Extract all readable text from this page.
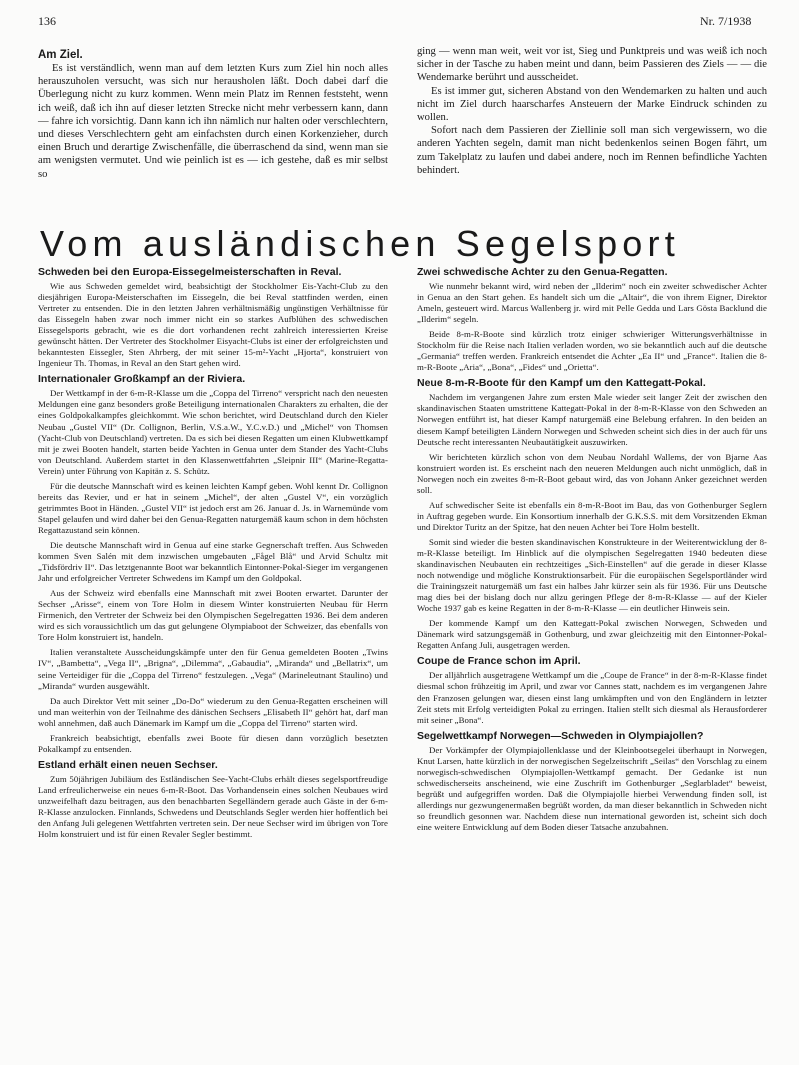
136	Nr. 7/1938
Am Ziel.

Es ist verständlich, wenn man auf dem letzten Kurs zum Ziel hin noch alles herauszuholen versucht, was sich nur herausholen läßt. Doch dabei darf die Überlegung nicht zu kurz kommen. Wenn mein Platz im Rennen feststeht, wenn ich weiß, daß ich ihn auf dieser letzten Strecke nicht mehr verbessern kann, dann — fahre ich vorsichtig. Dann kann ich ihn nämlich nur halten oder verschlechtern, und dieses Verschlechtern geht am einfachsten durch einen Korkenzieher, durch einen Bruch und derartige Zwischenfälle, die überraschend da sind, wenn man sie am wenigsten vermutet. Und wie peinlich ist es — ich gestehe, daß es mir selbst so

ging — wenn man weit, weit vor ist, Sieg und Punktpreis und was weiß ich noch sicher in der Tasche zu haben meint und dann, beim Passieren des Ziels — — die Wendemarke berührt und ausscheidet.

Es ist immer gut, sicheren Abstand von den Wendemarken zu halten und auch nicht im Ziel durch haarscharfes Ansteuern der Marke Eindruck schinden zu wollen.

Sofort nach dem Passieren der Ziellinie soll man sich vergewissern, wo die anderen Yachten segeln, damit man nicht bedenkenlos seinen Bogen fährt, um zum Takelplatz zu laufen und dabei andere, noch im Rennen befindliche Yachten behindert.

Vom ausländischen Segelsport
Schweden bei den Europa-Eissegelmeisterschaften in Reval.

Wie aus Schweden gemeldet wird, beabsichtigt der Stockholmer Eis-Yacht-Club zu den diesjährigen Europa-Meisterschaften im Eissegeln, die bei Reval stattfinden werden, einen Vertreter zu entsenden. Die in den letzten Jahren verhältnismäßig ungünstigen Verhältnisse für das Eissegeln haben zwar noch immer nicht ein so starkes Aufblühen des schwedischen Eissegelsports gebracht, wie es die dort vorhandenen recht zahlreich interessierten Kreise gewünscht hätten. Der Vertreter des Stockholmer Eisyacht-Clubs ist einer der erfolgreichsten und bekanntesten Eissegler, Sten Ahrberg, der mit seiner 15-m²-Yacht „Hjorta“, konstruiert von Ingenieur Th. Thomas, in Reval an den Start gehen wird.

Internationaler Großkampf an der Riviera.

Der Wettkampf in der 6-m-R-Klasse um die „Coppa del Tirreno“ verspricht nach den neuesten Meldungen eine ganz besonders große Beteiligung internationalen Charakters zu erhalten, die der eines Goldpokalkampfes gleichkommt. Wie schon berichtet, wird Deutschland durch den Kieler Neubau „Gustel VII“ (Dr. Collignon, Berlin, V.S.a.W., Y.C.v.D.) und „Michel“ von Thomsen (Yacht-Club von Deutschland) vertreten. Da es sich bei diesen Regatten um einen Klubwettkampf mit je zwei Booten handelt, starten beide Yachten in Genua unter dem Stander des Yacht-Clubs von Deutschland. Außerdem startet in den Klassenwettfahrten „Sleipnir III“ (Marine-Regatta-Verein) unter Führung von Kapitän z. S. Schütz.

Für die deutsche Mannschaft wird es keinen leichten Kampf geben. Wohl kennt Dr. Collignon bereits das Revier, und er hat in seinem „Michel“, der alten „Gustel V“, ein vorzüglich getrimmtes Boot in Händen. „Gustel VII“ ist jedoch erst am 26. Januar d. Js. in Warnemünde vom Stapel gelaufen und wird daher bei den Genua-Regatten naturgemäß kaum schon in dem höchsten Regattazustand sein können.

Die deutsche Mannschaft wird in Genua auf eine starke Gegnerschaft treffen. Aus Schweden kommen Sven Salén mit dem inzwischen umgebauten „Fågel Blå“ und Arvid Schultz mit „Tidsfördriv II“. Das letztgenannte Boot war bekanntlich Eintonner-Pokal-Sieger im vergangenen Jahr und erfolgreicher Vertreter Schwedens im Kampf um den Goldpokal.

Aus der Schweiz wird ebenfalls eine Mannschaft mit zwei Booten erwartet. Darunter der Sechser „Arisse“, einem von Tore Holm in diesem Winter konstruierten Neubau für Herrn Firmenich, den Vertreter der Schweiz bei den Olympischen Segelregatten 1936. Bei dem anderen wird es sich voraussichtlich um das gut gelungene Olympiaboot der Schweizer, das ebenfalls von Tore Holm konstruiert ist, handeln.

Italien veranstaltete Ausscheidungskämpfe unter den für Genua gemeldeten Booten „Twins IV“, „Bambetta“, „Vega II“, „Brigna“, „Dilemma“, „Gabaudia“, „Miranda“ und „Bellatrix“, um seine Verteidiger für die „Coppa del Tirreno“ festzulegen. „Vega“ (Marineleutnant Staulino) und „Miranda“ wurden ausgewählt.

Da auch Direktor Vett mit seiner „Do-Do“ wiederum zu den Genua-Regatten erscheinen will und man weiterhin von der Teilnahme des dänischen Sechsers „Elisabeth II“ gehört hat, darf man wohl annehmen, daß auch Dänemark im Kampf um die „Coppa del Tirreno“ starten wird.

Frankreich beabsichtigt, ebenfalls zwei Boote für diesen dann vorzüglich besetzten Pokalkampf zu entsenden.

Estland erhält einen neuen Sechser.

Zum 50jährigen Jubiläum des Estländischen See-Yacht-Clubs erhält dieses segelsportfreudige Land erfreulicherweise ein neues 6-m-R-Boot. Das Vorhandensein eines solchen Neubaues wird unzweifelhaft dazu beitragen, aus den benachbarten Segelländern gerade auch Gäste in der 6-m-R-Klasse anzulocken. Finnlands, Schwedens und Deutschlands Segler werden hier hoffentlich bei den Anfang Juli gelegenen Wettfahrten vertreten sein. Der neue Sechser wird im übrigen von Tore Holm konstruiert und ist für einen Revaler Segler bestimmt.

Zwei schwedische Achter zu den Genua-Regatten.

Wie nunmehr bekannt wird, wird neben der „Ilderim“ noch ein zweiter schwedischer Achter in Genua an den Start gehen. Es handelt sich um die „Altair“, die von ihrem Eigner, Direktor Ameln, gesteuert wird. Marcus Wallenberg jr. wird mit Pelle Gedda und Lars Gösta Backlund die „Ilderim“ segeln.

Beide 8-m-R-Boote sind kürzlich trotz einiger schwieriger Witterungsverhältnisse in Stockholm für die Reise nach Italien verladen worden, wo sie bekanntlich auch auf die deutsche „Germania“ treffen werden. Frankreich entsendet die Achter „Ea II“ und „France“. Italien die 8-m-R-Boote „Aria“, „Bona“, „Fides“ und „Orietta“.

Neue 8-m-R-Boote für den Kampf um den Kattegatt-Pokal.

Nachdem im vergangenen Jahre zum ersten Male wieder seit langer Zeit der zwischen den skandinavischen Staaten umstrittene Kattegatt-Pokal in der 8-m-R-Klasse von den Schweden an Norwegen entführt ist, hat dieser Kampf naturgemäß eine Belebung erfahren. In den beiden an diesem Kampf beteiligten Ländern Norwegen und Schweden scheint sich dies in der auch für uns Deutsche recht interessanten Neubautätigkeit auszuwirken.

Wir berichteten kürzlich schon von dem Neubau Nordahl Wallems, der von Bjarne Aas konstruiert worden ist. Es erscheint nach den neueren Meldungen auch nicht unmöglich, daß in Norwegen noch ein zweites 8-m-R-Boot gebaut wird, das von Johann Anker gezeichnet werden soll.

Auf schwedischer Seite ist ebenfalls ein 8-m-R-Boot im Bau, das von Gothenburger Seglern in Auftrag gegeben wurde. Ein Konsortium innerhalb der G.K.S.S. mit dem Vorsitzenden Ekman und Direktor Turitz an der Spitze, hat den neuen Achter bei Tore Holm bestellt.

Somit sind wieder die besten skandinavischen Konstrukteure in der Weiterentwicklung der 8-m-R-Klasse beteiligt. Im Hinblick auf die olympischen Segelregatten 1940 bedeuten diese skandinavischen Neubauten ein rechtzeitiges „Sich-Einstellen“ auf die gerade in dieser Klasse noch notwendige und mögliche Konstruktionsarbeit. Für die europäischen Segelsportländer wird die Trainingszeit naturgemäß um fast ein halbes Jahr kürzer sein als für 1936. Für uns Deutsche mag dies bei der bislang doch nur allzu geringen Pflege der 8-m-R-Klasse — auf der Kieler Woche 1937 gab es keine Regatten in der 8-m-R-Klasse — ein deutlicher Hinweis sein.

Der kommende Kampf um den Kattegatt-Pokal zwischen Norwegen, Schweden und Dänemark wird satzungsgemäß in Gothenburg, und zwar gleichzeitig mit den Eintonner-Pokal-Regatten Anfang Juli, ausgetragen werden.

Coupe de France schon im April.

Der alljährlich ausgetragene Wettkampf um die „Coupe de France“ in der 8-m-R-Klasse findet diesmal schon frühzeitig im April, und zwar vor Cannes statt, nachdem es im vergangenen Jahre den Franzosen gelungen war, diesen einst lang umkämpften und von den Engländern in letzter Zeit stets mit Erfolg verteidigten Pokal zu erringen. Italien stellt sich diesmal als Herausforderer mit seiner „Bona“.

Segelwettkampf Norwegen—Schweden in Olympiajollen?

Der Vorkämpfer der Olympiajollenklasse und der Kleinbootsegelei überhaupt in Norwegen, Knut Larsen, hatte kürzlich in der norwegischen Segelzeitschrift „Seilas“ den Vorschlag zu einem norwegisch-schwedischen Olympiajollen-Wettkampf gemacht. Der Gedanke ist nun schwedischerseits anscheinend, wie eine Zuschrift im Gothenburger „Seglarbladet“ beweist, begrüßt und aufgegriffen worden. Daß die Olympiajolle hierbei Verwendung finden soll, ist allerdings nur gezwungenermaßen begrüßt worden, da man dieser bekanntlich in Schweden nicht so freundlich gesonnen war. Nachdem diese nun international geworden ist, scheint sich doch eine weitere Entwicklung auf dem Boden dieser Tatsache anzubahnen.
